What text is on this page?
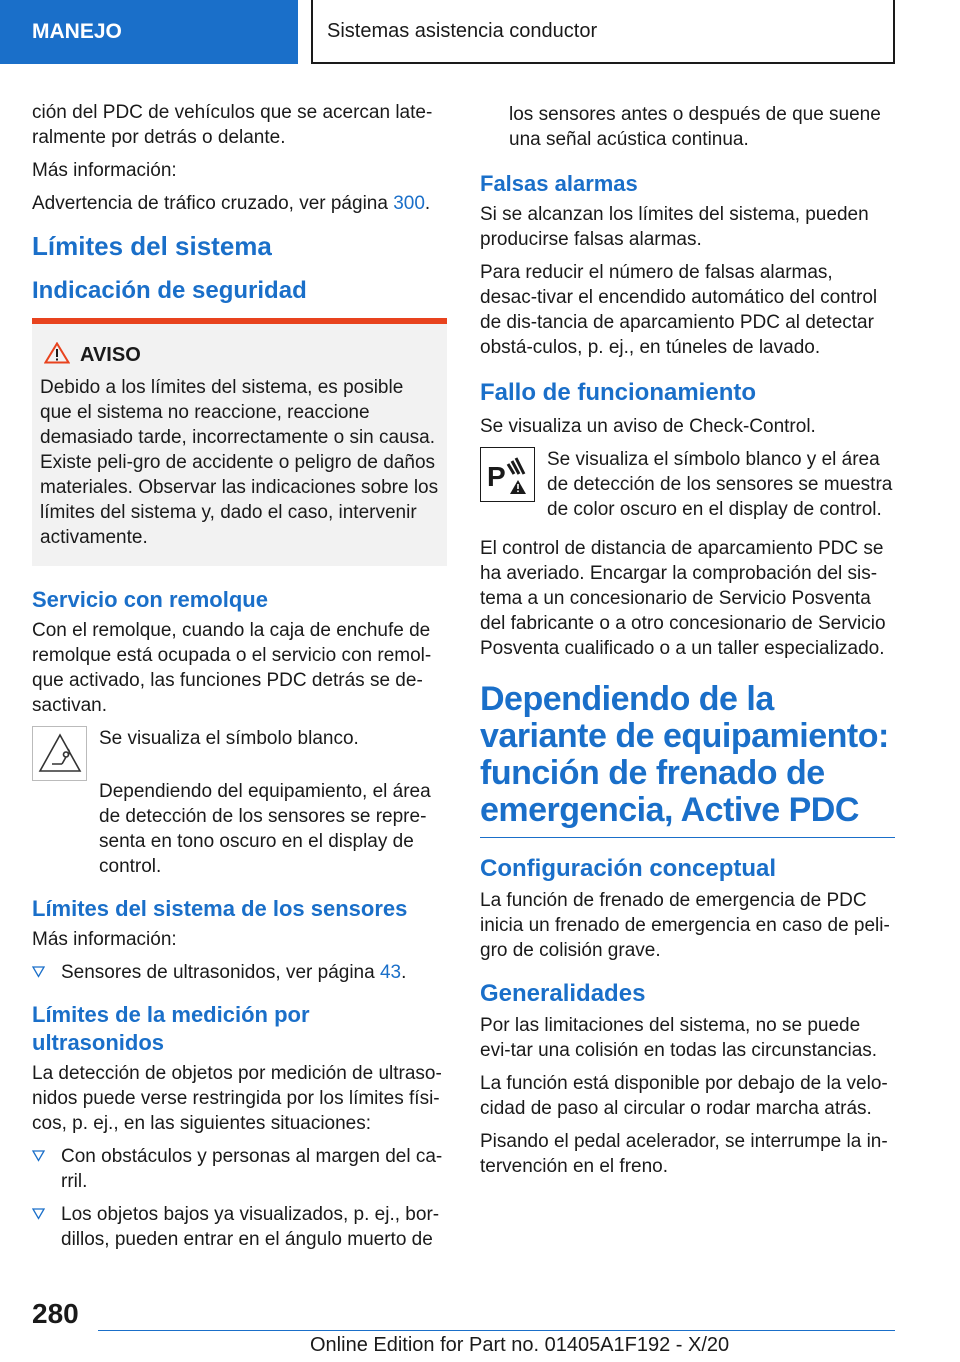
MANEJO	Sistemas asistencia conductor

ción del PDC de vehículos que se acercan late-ralmente por detrás o delante.

Más información:

Advertencia de tráfico cruzado, ver página 300.

Límites del sistema
Indicación de seguridad
AVISO

Debido a los límites del sistema, es posible que el sistema no reaccione, reaccione demasiado tarde, incorrectamente o sin causa. Existe peli-gro de accidente o peligro de daños materiales. Observar las indicaciones sobre los límites del sistema y, dado el caso, intervenir activamente.

Servicio con remolque

Con el remolque, cuando la caja de enchufe de remolque está ocupada o el servicio con remol-que activado, las funciones PDC detrás se de-sactivan.

Se visualiza el símbolo blanco.

Dependiendo del equipamiento, el área de detección de los sensores se repre-senta en tono oscuro en el display de control.

Límites del sistema de los sensores

Más información:

Sensores de ultrasonidos, ver página 43.
Límites de la medición por ultrasonidos

La detección de objetos por medición de ultraso-nidos puede verse restringida por los límites físi-cos, p. ej., en las siguientes situaciones:

Con obstáculos y personas al margen del ca-rril.
Los objetos bajos ya visualizados, p. ej., bor-dillos, pueden entrar en el ángulo muerto de

los sensores antes o después de que suene una señal acústica continua.

Falsas alarmas

Si se alcanzan los límites del sistema, pueden producirse falsas alarmas.

Para reducir el número de falsas alarmas, desac-tivar el encendido automático del control de dis-tancia de aparcamiento PDC al detectar obstá-culos, p. ej., en túneles de lavado.

Fallo de funcionamiento

Se visualiza un aviso de Check-Control.

P

Se visualiza el símbolo blanco y el área de detección de los sensores se muestra de color oscuro en el display de control.

El control de distancia de aparcamiento PDC se ha averiado. Encargar la comprobación del sis-tema a un concesionario de Servicio Posventa del fabricante o a otro concesionario de Servicio Posventa cualificado o a un taller especializado.

Dependiendo de la variante de equipamiento: función de frenado de emergencia, Active PDC
Configuración conceptual

La función de frenado de emergencia de PDC inicia un frenado de emergencia en caso de peli-gro de colisión grave.

Generalidades

Por las limitaciones del sistema, no se puede evi-tar una colisión en todas las circunstancias.

La función está disponible por debajo de la velo-cidad de paso al circular o rodar marcha atrás.

Pisando el pedal acelerador, se interrumpe la in-tervención en el freno.

280
Online Edition for Part no. 01405A1F192 - X/20
